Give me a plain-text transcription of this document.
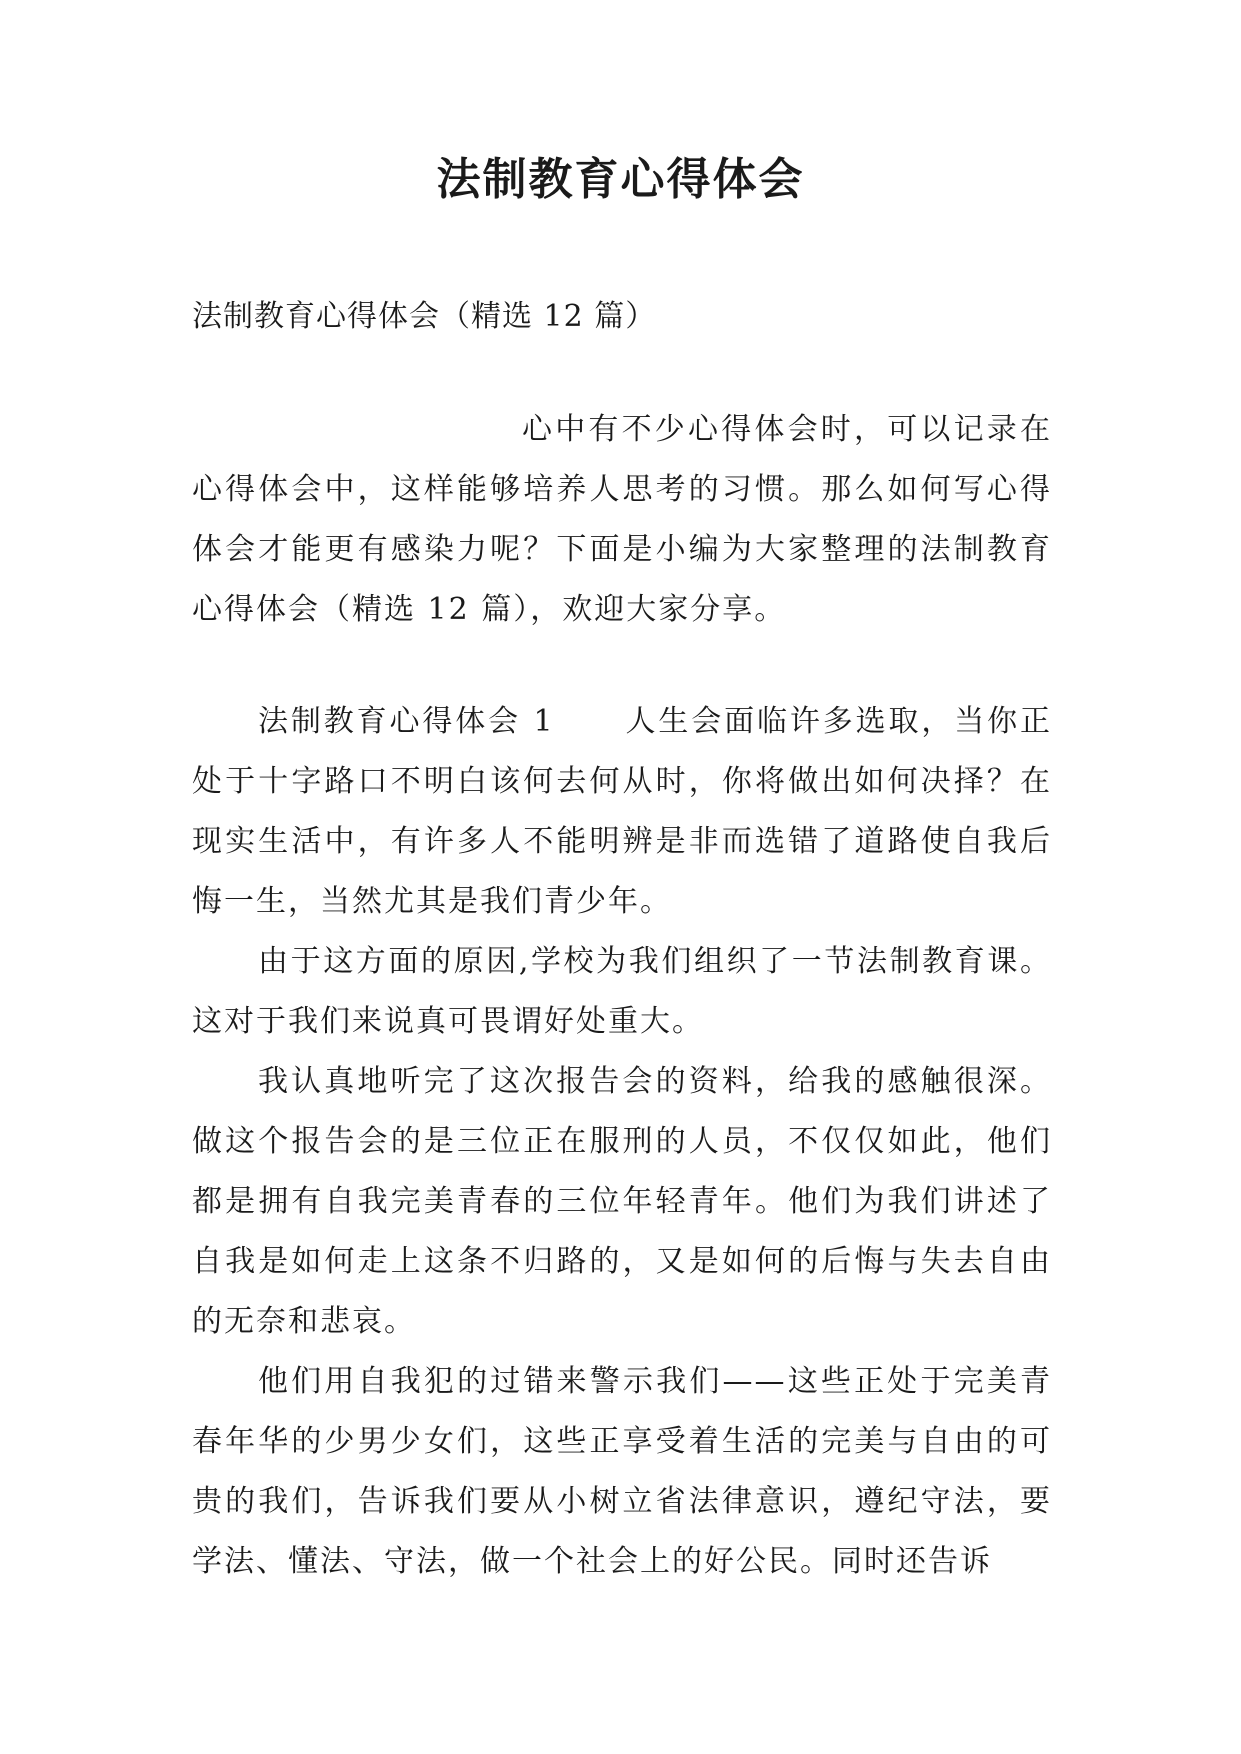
法制教育心得体会
法制教育心得体会（精选 12 篇）

心中有不少心得体会时，可以记录在心得体会中，这样能够培养人思考的习惯。那么如何写心得体会才能更有感染力呢？下面是小编为大家整理的法制教育心得体会（精选 12 篇），欢迎大家分享。

法制教育心得体会 1 人生会面临许多选取，当你正处于十字路口不明白该何去何从时，你将做出如何决择？在现实生活中，有许多人不能明辨是非而选错了道路使自我后悔一生，当然尤其是我们青少年。

由于这方面的原因,学校为我们组织了一节法制教育课。这对于我们来说真可畏谓好处重大。

我认真地听完了这次报告会的资料，给我的感触很深。做这个报告会的是三位正在服刑的人员，不仅仅如此，他们都是拥有自我完美青春的三位年轻青年。他们为我们讲述了自我是如何走上这条不归路的，又是如何的后悔与失去自由的无奈和悲哀。

他们用自我犯的过错来警示我们——这些正处于完美青春年华的少男少女们，这些正享受着生活的完美与自由的可贵的我们，告诉我们要从小树立省法律意识，遵纪守法，要学法、懂法、守法，做一个社会上的好公民。同时还告诉
